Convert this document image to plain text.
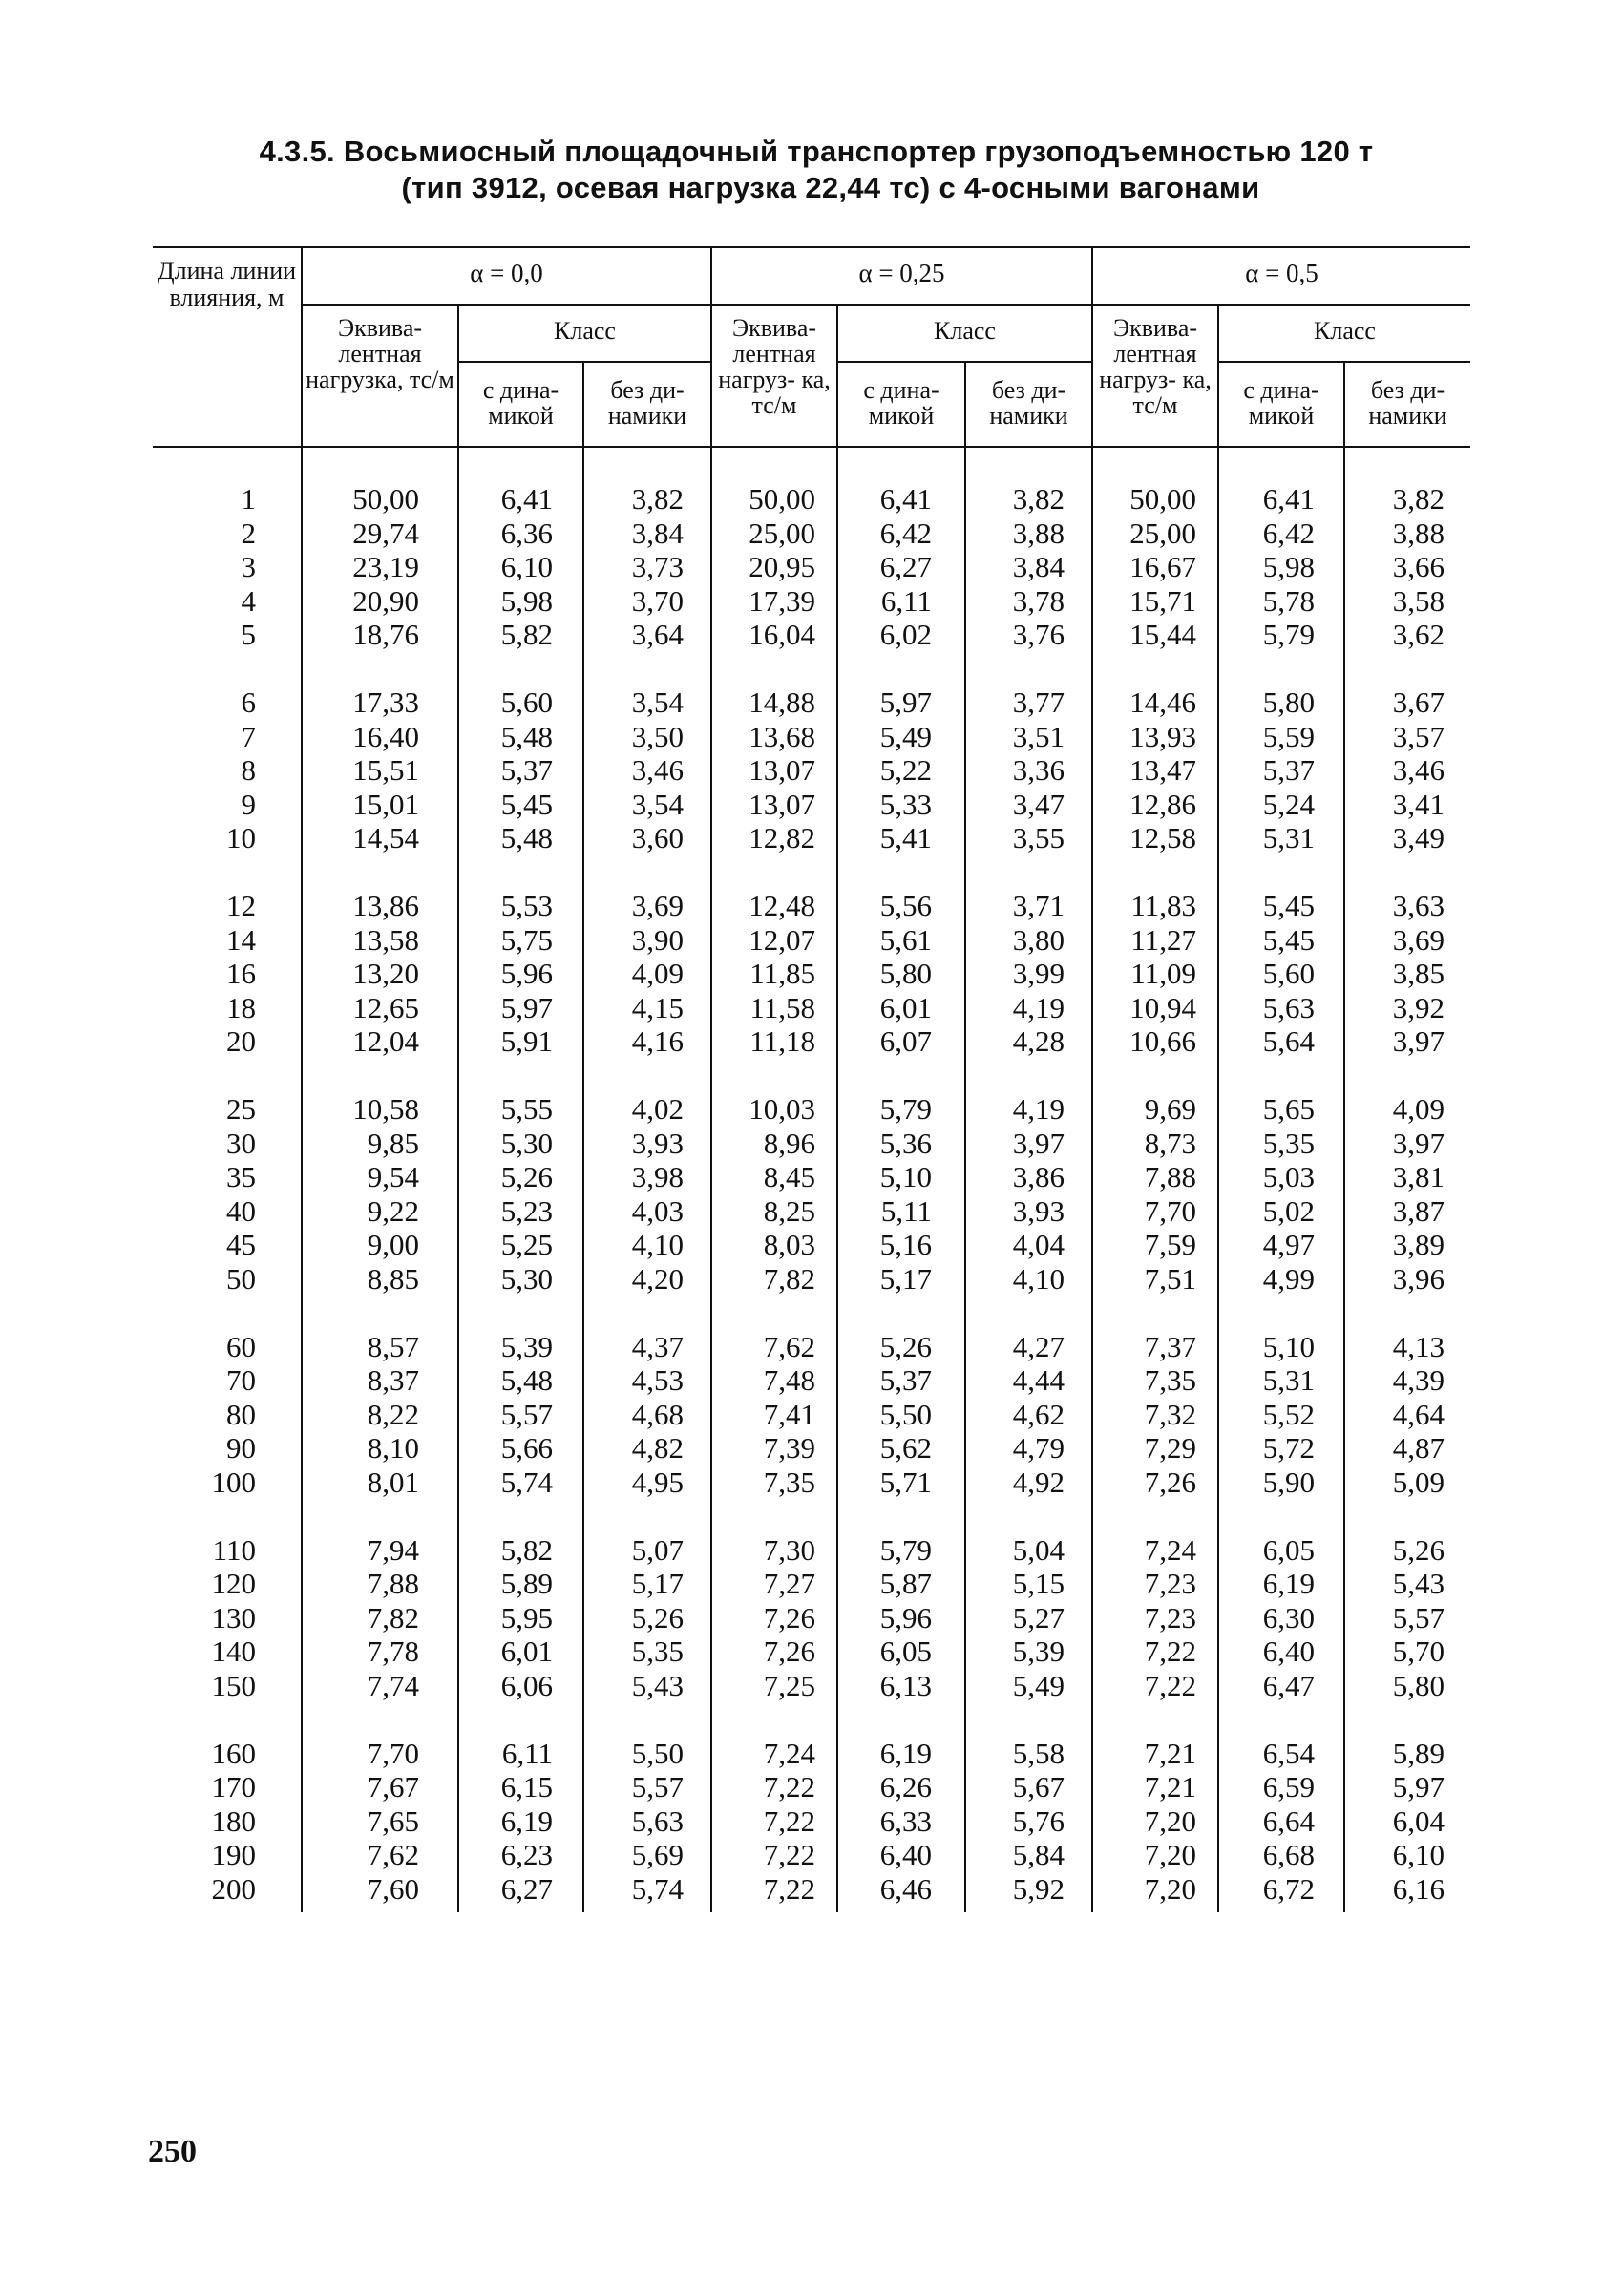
4.3.5. Восьмиосный площадочный транспортер грузоподъемностью 120 т
(тип 3912, осевая нагрузка 22,44 тс) с 4-осными вагонами
Длина линии влияния, м
α = 0,0	α = 0,25	α = 0,5
Эквива- лентная нагрузка, тс/м
Класс
с дина- микой
без ди- намики
Эквива- лентная нагруз- ка, тс/м
Класс
с дина- микой
без ди- намики
Эквива- лентная нагруз- ка, тс/м
Класс
с дина- микой
без ди- намики
1
2
3
4
5
6
7
8
9
10
12
14
16
18
20
25
30
35
40
45
50
60
70
80
90
100
110
120
130
140
150
160
170
180
190
200
50,00
29,74
23,19
20,90
18,76
17,33
16,40
15,51
15,01
14,54
13,86
13,58
13,20
12,65
12,04
10,58
9,85
9,54
9,22
9,00
8,85
8,57
8,37
8,22
8,10
8,01
7,94
7,88
7,82
7,78
7,74
7,70
7,67
7,65
7,62
7,60
6,41
6,36
6,10
5,98
5,82
5,60
5,48
5,37
5,45
5,48
5,53
5,75
5,96
5,97
5,91
5,55
5,30
5,26
5,23
5,25
5,30
5,39
5,48
5,57
5,66
5,74
5,82
5,89
5,95
6,01
6,06
6,11
6,15
6,19
6,23
6,27
3,82
3,84
3,73
3,70
3,64
3,54
3,50
3,46
3,54
3,60
3,69
3,90
4,09
4,15
4,16
4,02
3,93
3,98
4,03
4,10
4,20
4,37
4,53
4,68
4,82
4,95
5,07
5,17
5,26
5,35
5,43
5,50
5,57
5,63
5,69
5,74
50,00
25,00
20,95
17,39
16,04
14,88
13,68
13,07
13,07
12,82
12,48
12,07
11,85
11,58
11,18
10,03
8,96
8,45
8,25
8,03
7,82
7,62
7,48
7,41
7,39
7,35
7,30
7,27
7,26
7,26
7,25
7,24
7,22
7,22
7,22
7,22
6,41
6,42
6,27
6,11
6,02
5,97
5,49
5,22
5,33
5,41
5,56
5,61
5,80
6,01
6,07
5,79
5,36
5,10
5,11
5,16
5,17
5,26
5,37
5,50
5,62
5,71
5,79
5,87
5,96
6,05
6,13
6,19
6,26
6,33
6,40
6,46
3,82
3,88
3,84
3,78
3,76
3,77
3,51
3,36
3,47
3,55
3,71
3,80
3,99
4,19
4,28
4,19
3,97
3,86
3,93
4,04
4,10
4,27
4,44
4,62
4,79
4,92
5,04
5,15
5,27
5,39
5,49
5,58
5,67
5,76
5,84
5,92
50,00
25,00
16,67
15,71
15,44
14,46
13,93
13,47
12,86
12,58
11,83
11,27
11,09
10,94
10,66
9,69
8,73
7,88
7,70
7,59
7,51
7,37
7,35
7,32
7,29
7,26
7,24
7,23
7,23
7,22
7,22
7,21
7,21
7,20
7,20
7,20
6,41
6,42
5,98
5,78
5,79
5,80
5,59
5,37
5,24
5,31
5,45
5,45
5,60
5,63
5,64
5,65
5,35
5,03
5,02
4,97
4,99
5,10
5,31
5,52
5,72
5,90
6,05
6,19
6,30
6,40
6,47
6,54
6,59
6,64
6,68
6,72
3,82
3,88
3,66
3,58
3,62
3,67
3,57
3,46
3,41
3,49
3,63
3,69
3,85
3,92
3,97
4,09
3,97
3,81
3,87
3,89
3,96
4,13
4,39
4,64
4,87
5,09
5,26
5,43
5,57
5,70
5,80
5,89
5,97
6,04
6,10
6,16
250
